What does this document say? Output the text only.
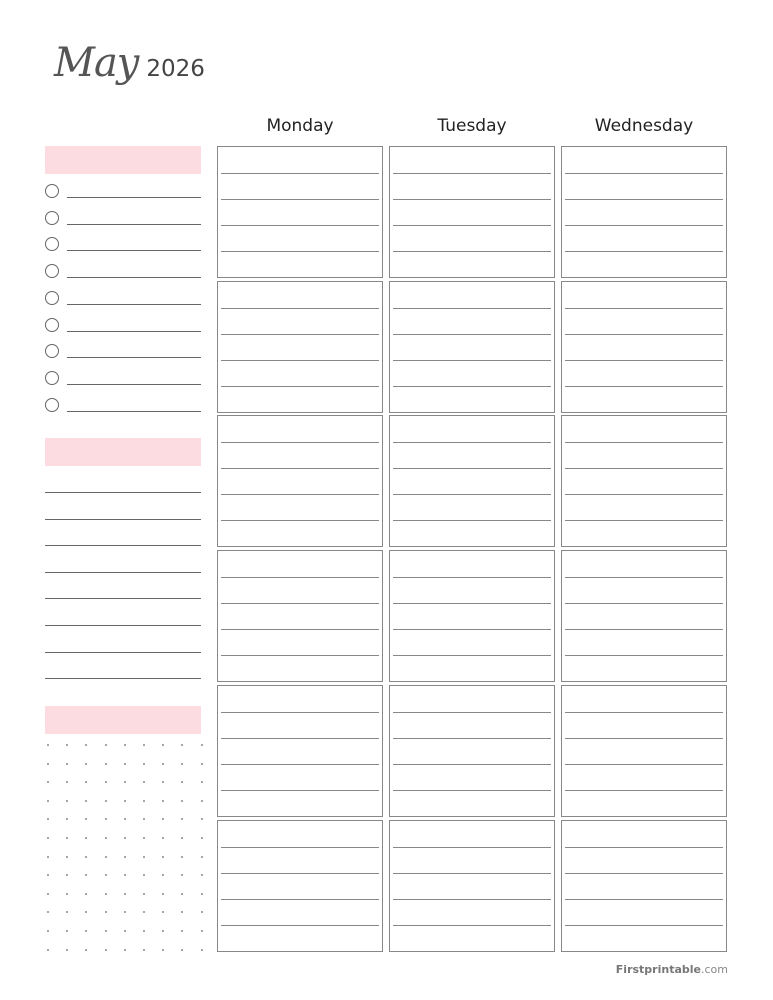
May 2026
Monday	Tuesday	Wednesday
Firstprintable.com
